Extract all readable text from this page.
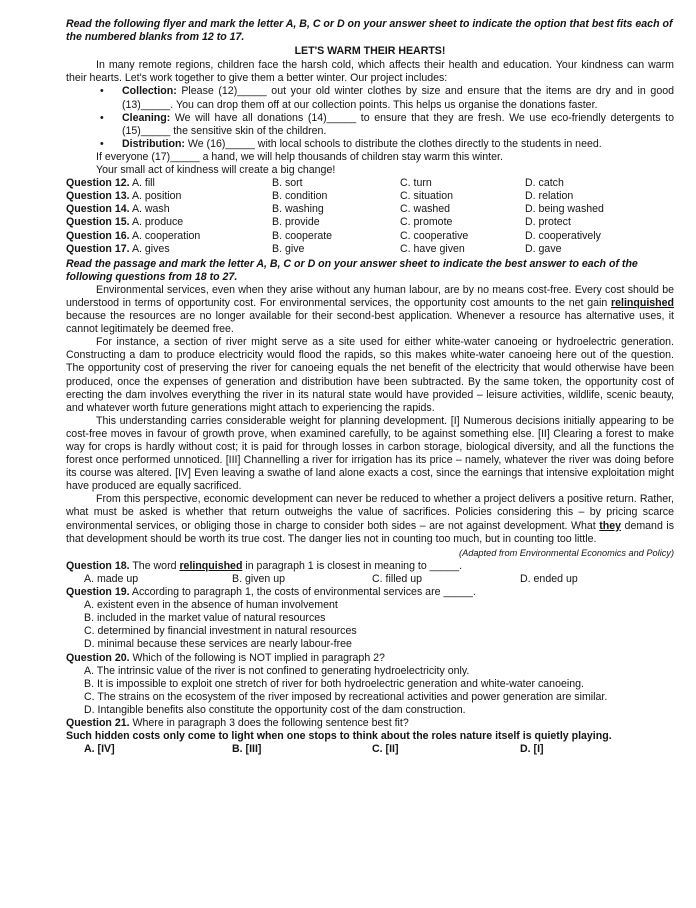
Read the following flyer and mark the letter A, B, C or D on your answer sheet to indicate the option that best fits each of the numbered blanks from 12 to 17.
LET'S WARM THEIR HEARTS!

In many remote regions, children face the harsh cold, which affects their health and education. Your kindness can warm their hearts. Let's work together to give them a better winter. Our project includes:

• Collection: Please (12)_____ out your old winter clothes by size and ensure that the items are dry and in good (13)_____. You can drop them off at our collection points. This helps us organise the donations faster.
• Cleaning: We will have all donations (14)_____ to ensure that they are fresh. We use eco-friendly detergents to (15)_____ the sensitive skin of the children.
• Distribution: We (16)_____ with local schools to distribute the clothes directly to the students in need.

If everyone (17)_____ a hand, we will help thousands of children stay warm this winter.

Your small act of kindness will create a big change!

Question 12. A. fill	B. sort	C. turn	D. catch
Question 13. A. position	B. condition	C. situation	D. relation
Question 14. A. wash	B. washing	C. washed	D. being washed
Question 15. A. produce	B. provide	C. promote	D. protect
Question 16. A. cooperation	B. cooperate	C. cooperative	D. cooperatively
Question 17. A. gives	B. give	C. have given	D. gave
Read the passage and mark the letter A, B, C or D on your answer sheet to indicate the best answer to each of the following questions from 18 to 27.

Environmental services, even when they arise without any human labour, are by no means cost-free. Every cost should be understood in terms of opportunity cost. For environmental services, the opportunity cost amounts to the net gain relinquished because the resources are no longer available for their second-best application. Whenever a resource has alternative uses, it cannot legitimately be deemed free.

For instance, a section of river might serve as a site used for either white-water canoeing or hydroelectric generation. Constructing a dam to produce electricity would flood the rapids, so this makes white-water canoeing here out of the question. The opportunity cost of preserving the river for canoeing equals the net benefit of the electricity that would otherwise have been produced, once the expenses of generation and distribution have been subtracted. By the same token, the opportunity cost of erecting the dam involves everything the river in its natural state would have provided – leisure activities, wildlife, scenic beauty, and whatever worth future generations might attach to experiencing the rapids.

This understanding carries considerable weight for planning development. [I] Numerous decisions initially appearing to be cost-free moves in favour of growth prove, when examined carefully, to be against something else. [II] Clearing a forest to make way for crops is hardly without cost; it is paid for through losses in carbon storage, biological diversity, and all the functions the forest once performed unnoticed. [III] Channelling a river for irrigation has its price – namely, whatever the river was doing before its course was altered. [IV] Even leaving a swathe of land alone exacts a cost, since the earnings that intensive exploitation might have produced are equally sacrificed.

From this perspective, economic development can never be reduced to whether a project delivers a positive return. Rather, what must be asked is whether that return outweighs the value of sacrifices. Policies considering this – by pricing scarce environmental services, or obliging those in charge to consider both sides – are not against development. What they demand is that development should be worth its true cost. The danger lies not in counting too much, but in counting too little.

(Adapted from Environmental Economics and Policy)
Question 18. The word relinquished in paragraph 1 is closest in meaning to _____.
A. made up	B. given up	C. filled up	D. ended up
Question 19. According to paragraph 1, the costs of environmental services are _____.
A. existent even in the absence of human involvement
B. included in the market value of natural resources
C. determined by financial investment in natural resources
D. minimal because these services are nearly labour-free
Question 20. Which of the following is NOT implied in paragraph 2?
A. The intrinsic value of the river is not confined to generating hydroelectricity only.
B. It is impossible to exploit one stretch of river for both hydroelectric generation and white-water canoeing.
C. The strains on the ecosystem of the river imposed by recreational activities and power generation are similar.
D. Intangible benefits also constitute the opportunity cost of the dam construction.
Question 21. Where in paragraph 3 does the following sentence best fit?
Such hidden costs only come to light when one stops to think about the roles nature itself is quietly playing.
A. [IV]	B. [III]	C. [II]	D. [I]
